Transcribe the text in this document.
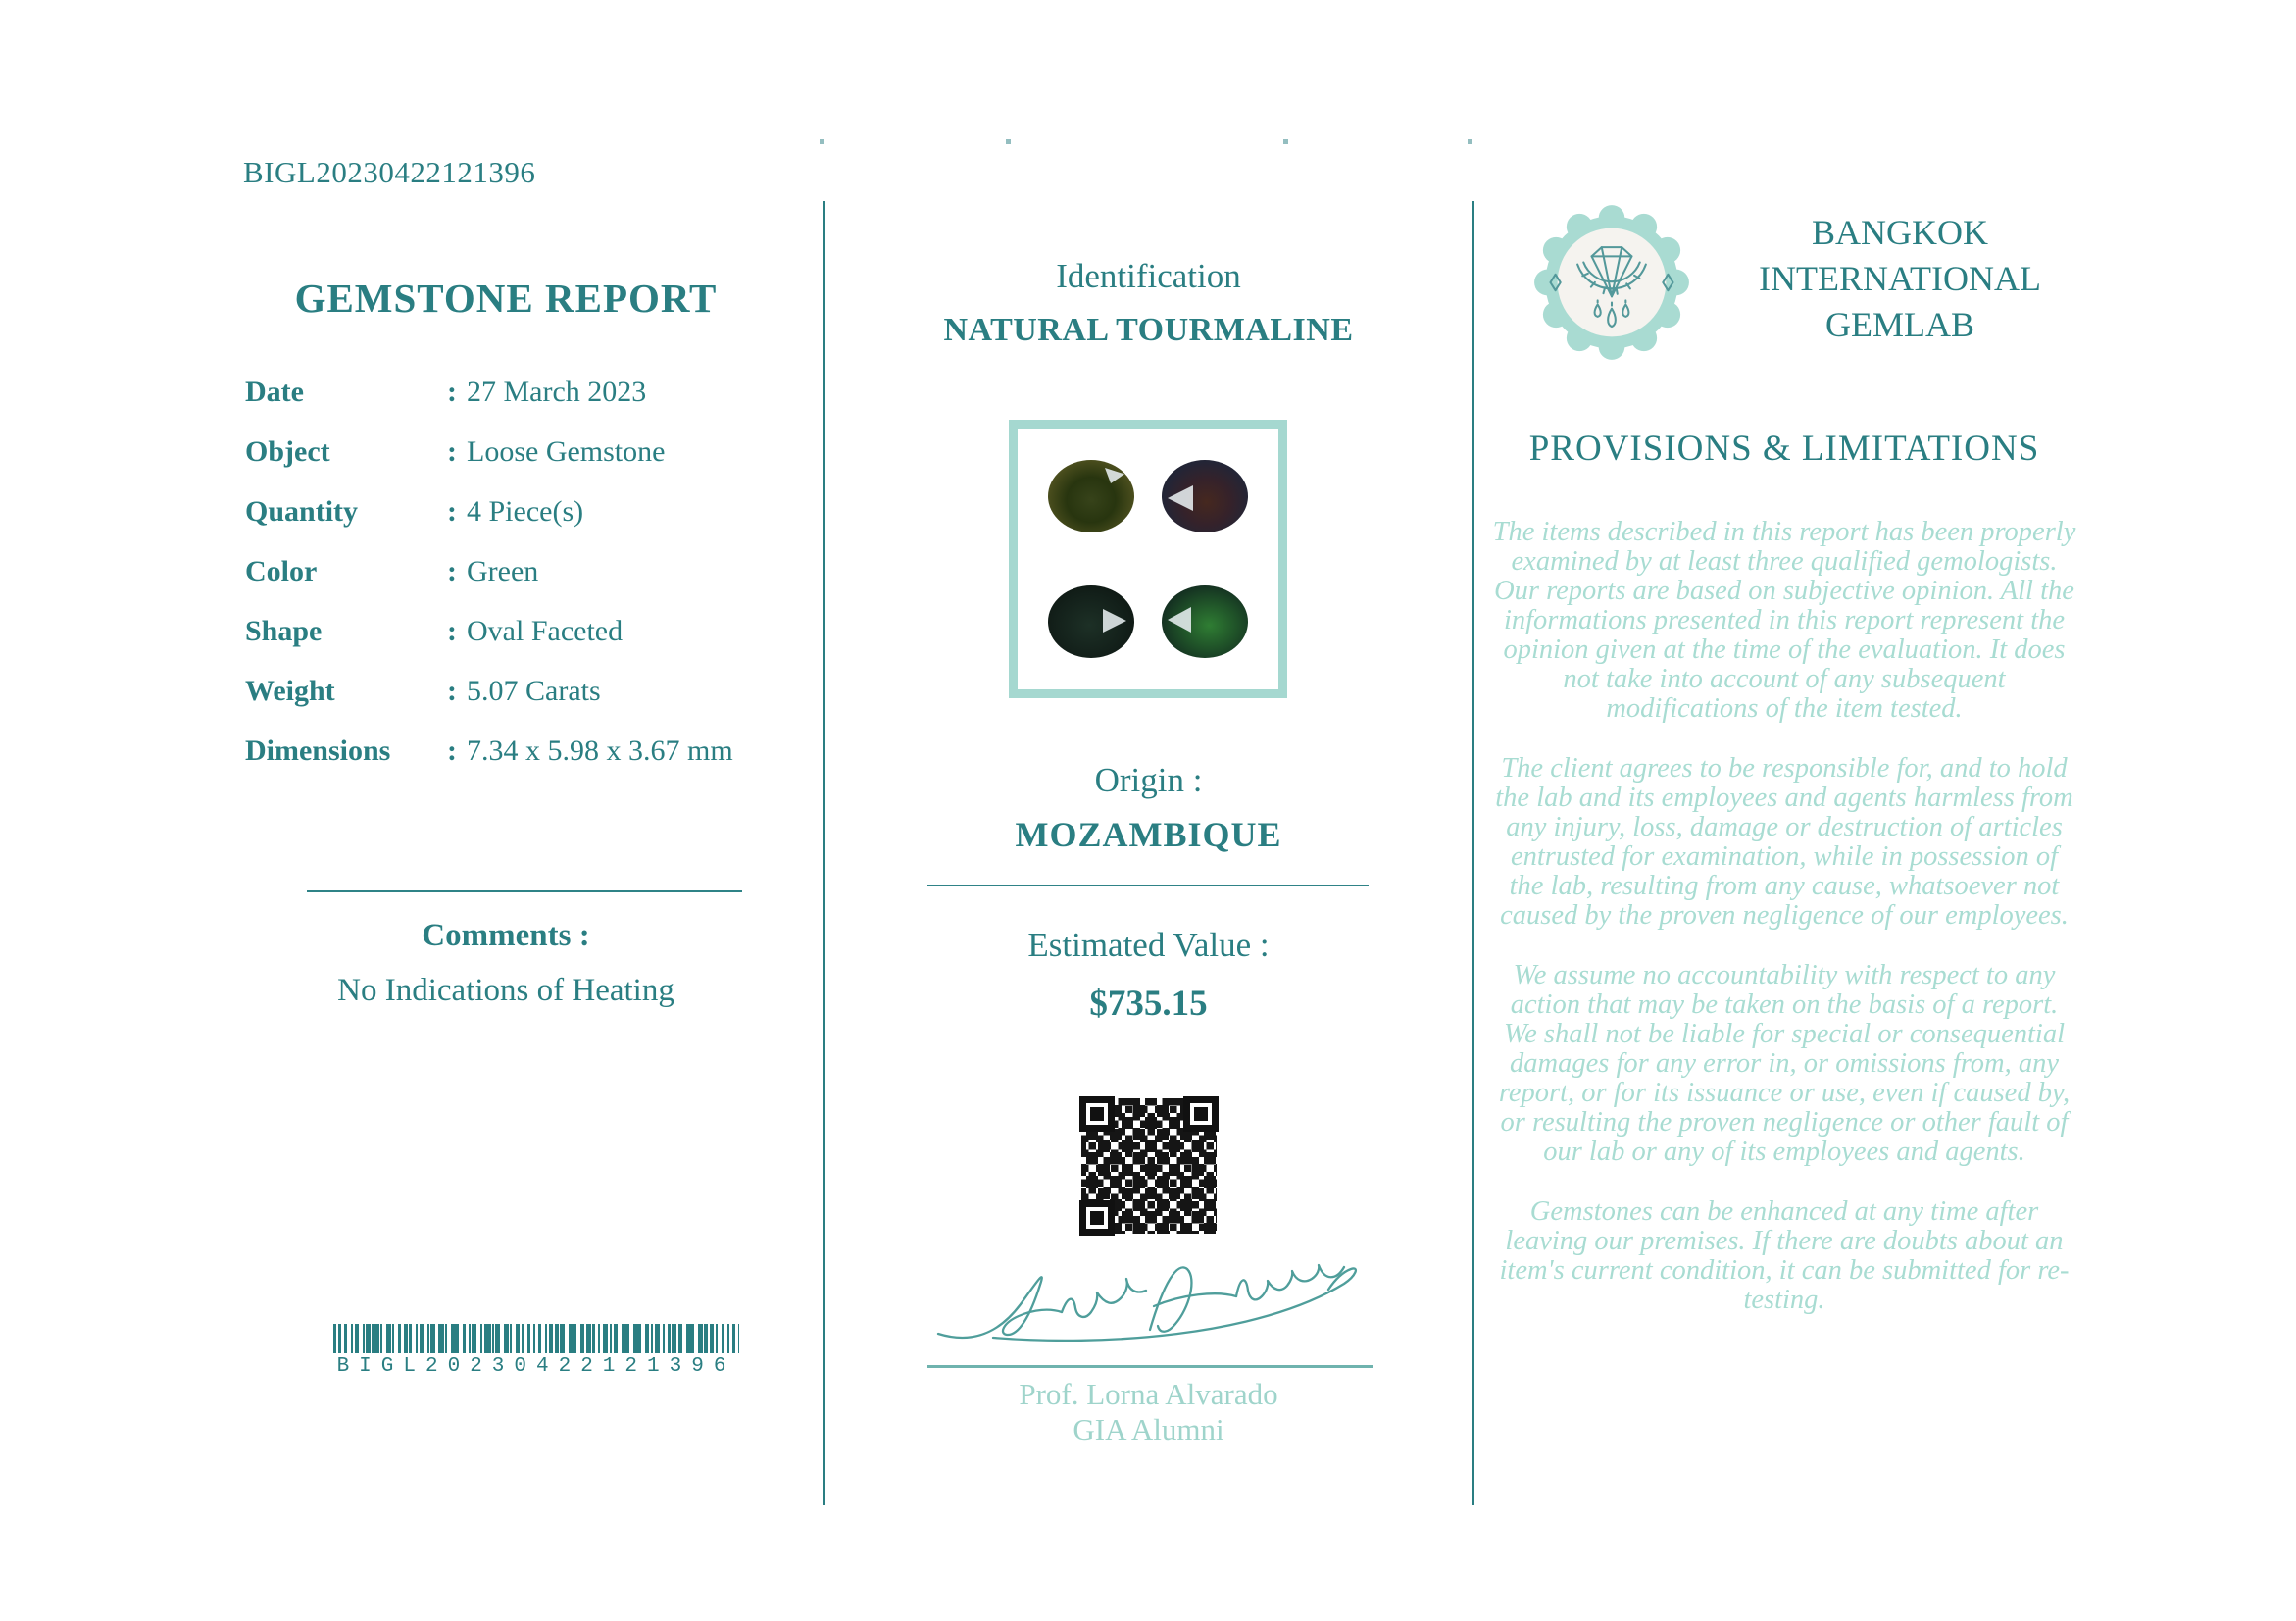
BIGL20230422121396
GEMSTONE REPORT
Date	: 27 March 2023
Object	: Loose Gemstone
Quantity	: 4 Piece(s)
Color	: Green
Shape	: Oval Faceted
Weight	: 5.07 Carats
Dimensions	: 7.34 x 5.98 x 3.67 mm
Comments :
No Indications of Heating
BIGL20230422121396
Identification
NATURAL TOURMALINE
Origin :
MOZAMBIQUE
Estimated Value :
$735.15
Prof. Lorna Alvarado
GIA Alumni
BANGKOK
INTERNATIONAL
GEMLAB
PROVISIONS & LIMITATIONS

The items described in this report has been properly examined by at least three qualified gemologists. Our reports are based on subjective opinion. All the informations presented in this report represent the opinion given at the time of the evaluation. It does not take into account of any subsequent modifications of the item tested.

The client agrees to be responsible for, and to hold the lab and its employees and agents harmless from any injury, loss, damage or destruction of articles entrusted for examination, while in possession of the lab, resulting from any cause, whatsoever not caused by the proven negligence of our employees.

We assume no accountability with respect to any action that may be taken on the basis of a report. We shall not be liable for special or consequential damages for any error in, or omissions from, any report, or for its issuance or use, even if caused by, or resulting the proven negligence or other fault of our lab or any of its employees and agents.

Gemstones can be enhanced at any time after leaving our premises. If there are doubts about an item's current condition, it can be submitted for re-testing.
